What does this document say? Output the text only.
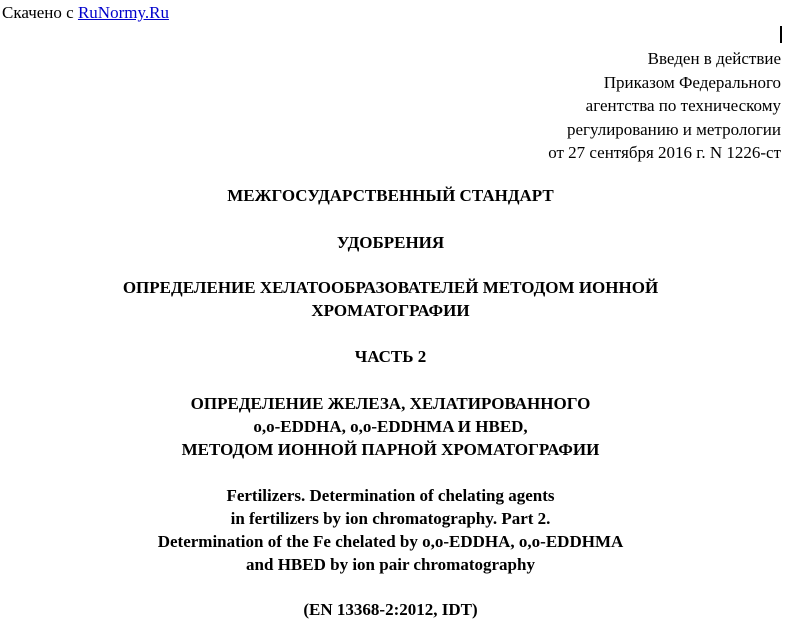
Скачено с RuNormy.Ru
Введен в действие
Приказом Федерального
агентства по техническому
регулированию и метрологии
от 27 сентября 2016 г. N 1226-ст
МЕЖГОСУДАРСТВЕННЫЙ СТАНДАРТ
УДОБРЕНИЯ
ОПРЕДЕЛЕНИЕ ХЕЛАТООБРАЗОВАТЕЛЕЙ МЕТОДОМ ИОННОЙ
ХРОМАТОГРАФИИ
ЧАСТЬ 2
ОПРЕДЕЛЕНИЕ ЖЕЛЕЗА, ХЕЛАТИРОВАННОГО
o,o-EDDHA, o,o-EDDHMA И HBED,
МЕТОДОМ ИОННОЙ ПАРНОЙ ХРОМАТОГРАФИИ
Fertilizers. Determination of chelating agents
in fertilizers by ion chromatography. Part 2.
Determination of the Fe chelated by o,o-EDDHA, o,o-EDDHMA
and HBED by ion pair chromatography
(EN 13368-2:2012, IDT)
